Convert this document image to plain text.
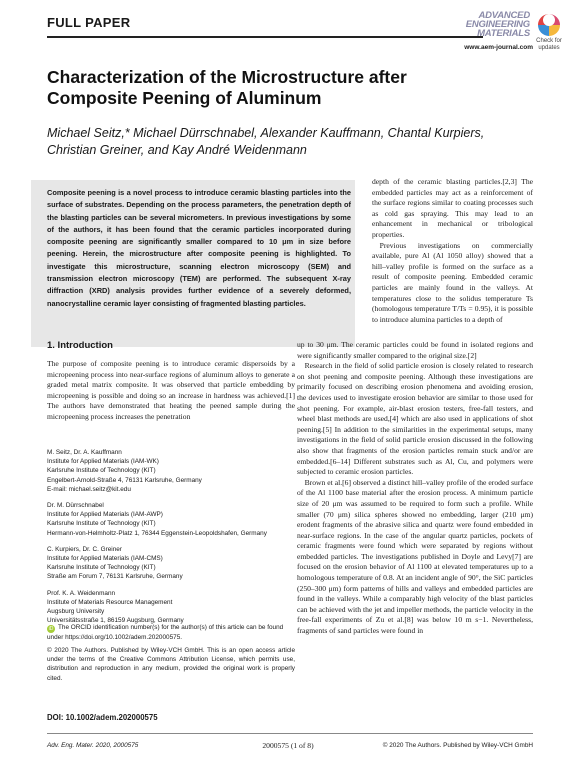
FULL PAPER	ADVANCED
ENGINEERING
MATERIALS
www.aem-journal.com
Check for updates
Characterization of the Microstructure after Composite Peening of Aluminum
Michael Seitz,* Michael Dürrschnabel, Alexander Kauffmann, Chantal Kurpiers, Christian Greiner, and Kay André Weidenmann
Composite peening is a novel process to introduce ceramic blasting particles into the surface of substrates. Depending on the process parameters, the penetration depth of the blasting particles can be several micrometers. In previous investigations by some of the authors, it has been found that the ceramic particles incorporated during composite peening are significantly smaller compared to 10 μm in size before peening. Herein, the microstructure after composite peening is highlighted. To investigate this microstructure, scanning electron microscopy (SEM) and transmission electron microscopy (TEM) are performed. The subsequent X-ray diffraction (XRD) analysis provides further evidence of a severely deformed, nanocrystalline ceramic layer consisting of fragmented blasting particles.
depth of the ceramic blasting particles.[2,3] The embedded particles may act as a reinforcement of the surface regions similar to coating processes such as cold gas spraying. This may lead to an enhancement in mechanical or tribological properties.
 Previous investigations on commercially available, pure Al (Al 1050 alloy) showed that a hill–valley profile is formed on the surface as a result of composite peening. Embedded ceramic particles are mainly found in the valleys. At temperatures close to the solidus temperature Ts (homologous temperature T/Ts = 0.95), it is possible to introduce alumina particles to a depth of
1. Introduction
The purpose of composite peening is to introduce ceramic dispersoids by a micropeening process into near-surface regions of aluminum alloys to generate a graded metal matrix composite. It was observed that particle embedding by micropeening is possible and doing so an increase in hardness was achieved.[1] The authors have demonstrated that heating the peened sample during the micropeening process increases the penetration
up to 30 μm. The ceramic particles could be found in isolated regions and were significantly smaller compared to the original size.[2]
 Research in the field of solid particle erosion is closely related to research on shot peening and composite peening. Although these investigations are primarily focused on describing erosion phenomena and avoiding erosion, the devices used to investigate erosion behavior are similar to those used for shot peening. For example, air-blast erosion testers, free-fall testers, and wheel blast methods are used,[4] which are also used in applications of shot peening.[5] In addition to the similarities in the experimental setups, many investigations in the field of solid particle erosion discussed in the following also show that fragments of the erosion particles remain stuck and/or are embedded.[6–14] Different substrates such as Al, Cu, and polymers were subjected to ceramic erosion particles.
 Brown et al.[6] observed a distinct hill–valley profile of the eroded surface of the Al 1100 base material after the erosion process. A minimum particle size of 20 μm was assumed to be required to form such a profile. While smaller (70 μm) silica spheres showed no embedding, larger (210 μm) erodent fragments of the abrasive silica and quartz were found embedded in near-surface regions. In the case of the angular quartz particles, pockets of ceramic fragments were found which were separated by regions without embedded particles. The investigations published in Doyle and Levy[7] are focused on the erosion behavior of Al 1100 at elevated temperatures up to a homologous temperature of 0.8. At an incident angle of 90°, the SiC particles (250–300 μm) form patterns of hills and valleys and embedded particles are found in the valleys. While a comparably high velocity of the blast particles can be achieved with the jet and impeller methods, the particle velocity in the free-fall experiments of Zu et al.[8] was below 10 m s−1. Nevertheless, fragments of sand particles were found in
M. Seitz, Dr. A. Kauffmann
Institute for Applied Materials (IAM-WK)
Karlsruhe Institute of Technology (KIT)
Engelbert-Arnold-Straße 4, 76131 Karlsruhe, Germany
E-mail: michael.seitz@kit.edu
Dr. M. Dürrschnabel
Institute for Applied Materials (IAM-AWP)
Karlsruhe Institute of Technology (KIT)
Hermann-von-Helmholtz-Platz 1, 76344 Eggenstein-Leopoldshafen, Germany
C. Kurpiers, Dr. C. Greiner
Institute for Applied Materials (IAM-CMS)
Karlsruhe Institute of Technology (KIT)
Straße am Forum 7, 76131 Karlsruhe, Germany
Prof. K. A. Weidenmann
Institute of Materials Resource Management
Augsburg University
Universitätsstraße 1, 86159 Augsburg, Germany
iD The ORCID identification number(s) for the author(s) of this article can be found under https://doi.org/10.1002/adem.202000575.
© 2020 The Authors. Published by Wiley-VCH GmbH. This is an open access article under the terms of the Creative Commons Attribution License, which permits use, distribution and reproduction in any medium, provided the original work is properly cited.
DOI: 10.1002/adem.202000575
Adv. Eng. Mater. 2020, 2000575	2000575 (1 of 8)	© 2020 The Authors. Published by Wiley-VCH GmbH
